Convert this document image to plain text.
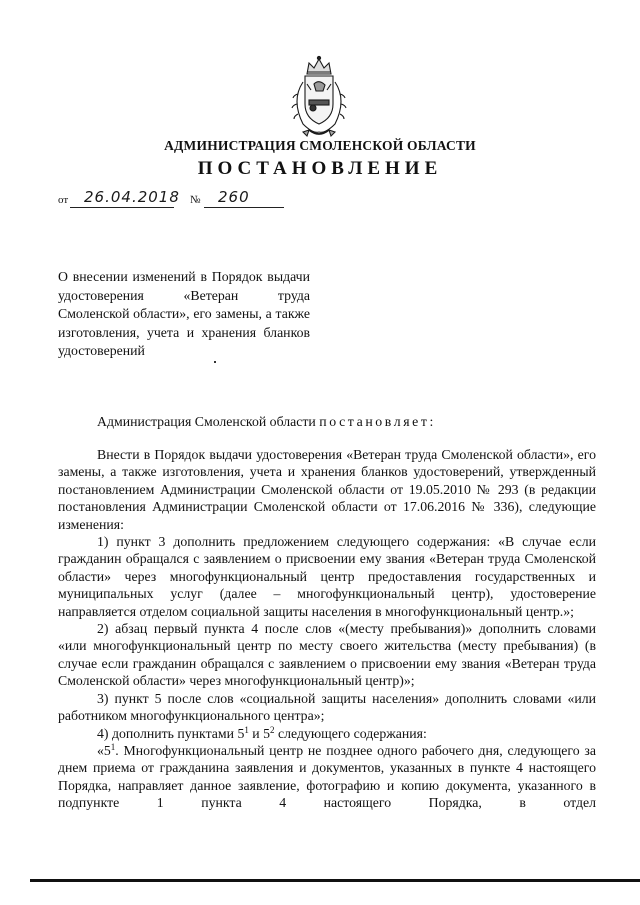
АДМИНИСТРАЦИЯ СМОЛЕНСКОЙ ОБЛАСТИ
ПОСТАНОВЛЕНИЕ
от 26.04.2018 № 260
О внесении изменений в Порядок выдачи удостоверения «Ветеран труда Смоленской области», его замены, а также изготовления, учета и хранения бланков удостоверений
Администрация Смоленской области постановляет:

Внести в Порядок выдачи удостоверения «Ветеран труда Смоленской области», его замены, а также изготовления, учета и хранения бланков удостоверений, утвержденный постановлением Администрации Смоленской области от 19.05.2010 № 293 (в редакции постановления Администрации Смоленской области от 17.06.2016 № 336), следующие изменения:

1) пункт 3 дополнить предложением следующего содержания: «В случае если гражданин обращался с заявлением о присвоении ему звания «Ветеран труда Смоленской области» через многофункциональный центр предоставления государственных и муниципальных услуг (далее – многофункциональный центр), удостоверение направляется отделом социальной защиты населения в многофункциональный центр.»;

2) абзац первый пункта 4 после слов «(месту пребывания)» дополнить словами «или многофункциональный центр по месту своего жительства (месту пребывания) (в случае если гражданин обращался с заявлением о присвоении ему звания «Ветеран труда Смоленской области» через многофункциональный центр)»;

3) пункт 5 после слов «социальной защиты населения» дополнить словами «или работником многофункционального центра»;

4) дополнить пунктами $5^1$ и $5^2$ следующего содержания:

«$5^1$. Многофункциональный центр не позднее одного рабочего дня, следующего за днем приема от гражданина заявления и документов, указанных в пункте 4 настоящего Порядка, направляет данное заявление, фотографию и копию документа, указанного в подпункте 1 пункта 4 настоящего Порядка, в отдел
